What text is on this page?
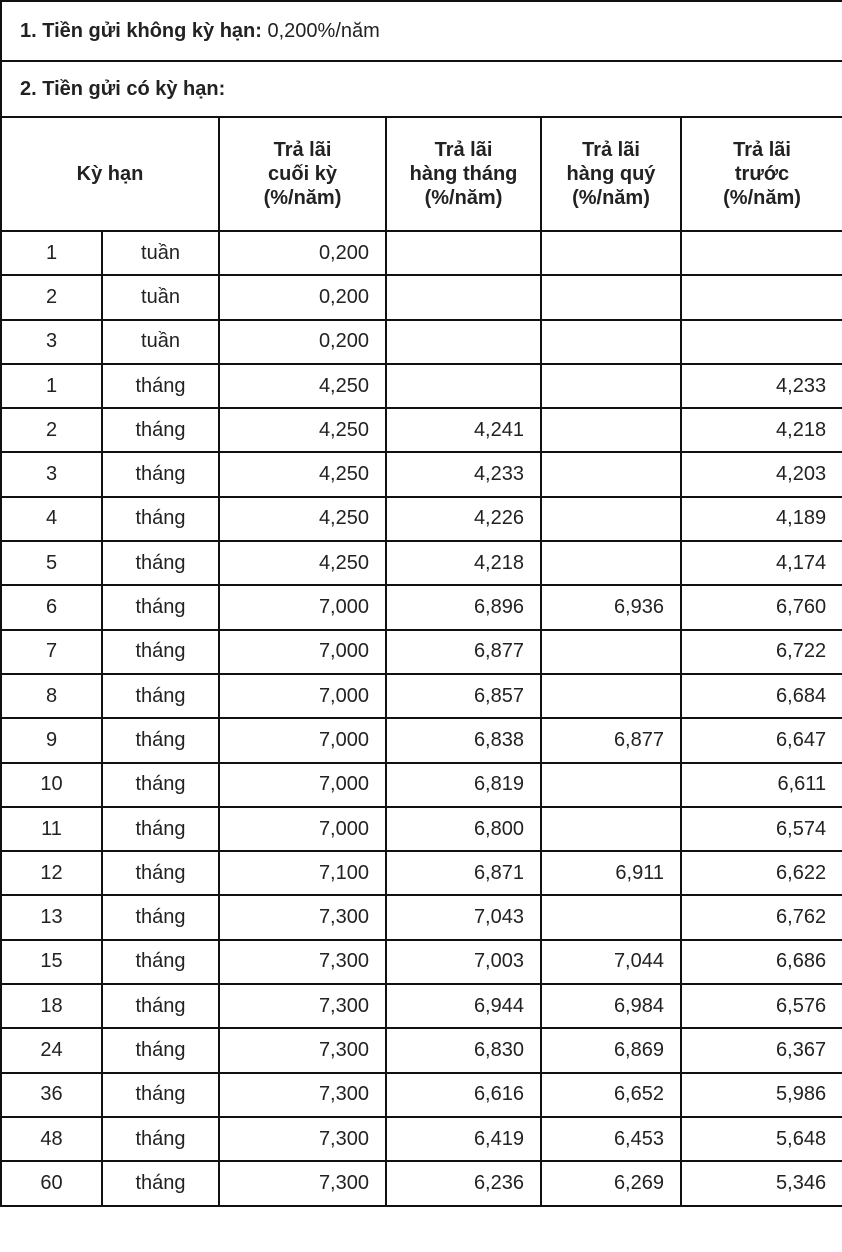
1. Tiền gửi không kỳ hạn: 0,200%/năm					
2. Tiền gửi có kỳ hạn:					
Kỳ hạn		Trả lãi
cuối kỳ
(%/năm)	Trả lãi
hàng tháng
(%/năm)	Trả lãi
hàng quý
(%/năm)	Trả lãi
trước
(%/năm)
1	tuần	0,200			
2	tuần	0,200			
3	tuần	0,200			
1	tháng	4,250			4,233
2	tháng	4,250	4,241		4,218
3	tháng	4,250	4,233		4,203
4	tháng	4,250	4,226		4,189
5	tháng	4,250	4,218		4,174
6	tháng	7,000	6,896	6,936	6,760
7	tháng	7,000	6,877		6,722
8	tháng	7,000	6,857		6,684
9	tháng	7,000	6,838	6,877	6,647
10	tháng	7,000	6,819		6,611
11	tháng	7,000	6,800		6,574
12	tháng	7,100	6,871	6,911	6,622
13	tháng	7,300	7,043		6,762
15	tháng	7,300	7,003	7,044	6,686
18	tháng	7,300	6,944	6,984	6,576
24	tháng	7,300	6,830	6,869	6,367
36	tháng	7,300	6,616	6,652	5,986
48	tháng	7,300	6,419	6,453	5,648
60	tháng	7,300	6,236	6,269	5,346
